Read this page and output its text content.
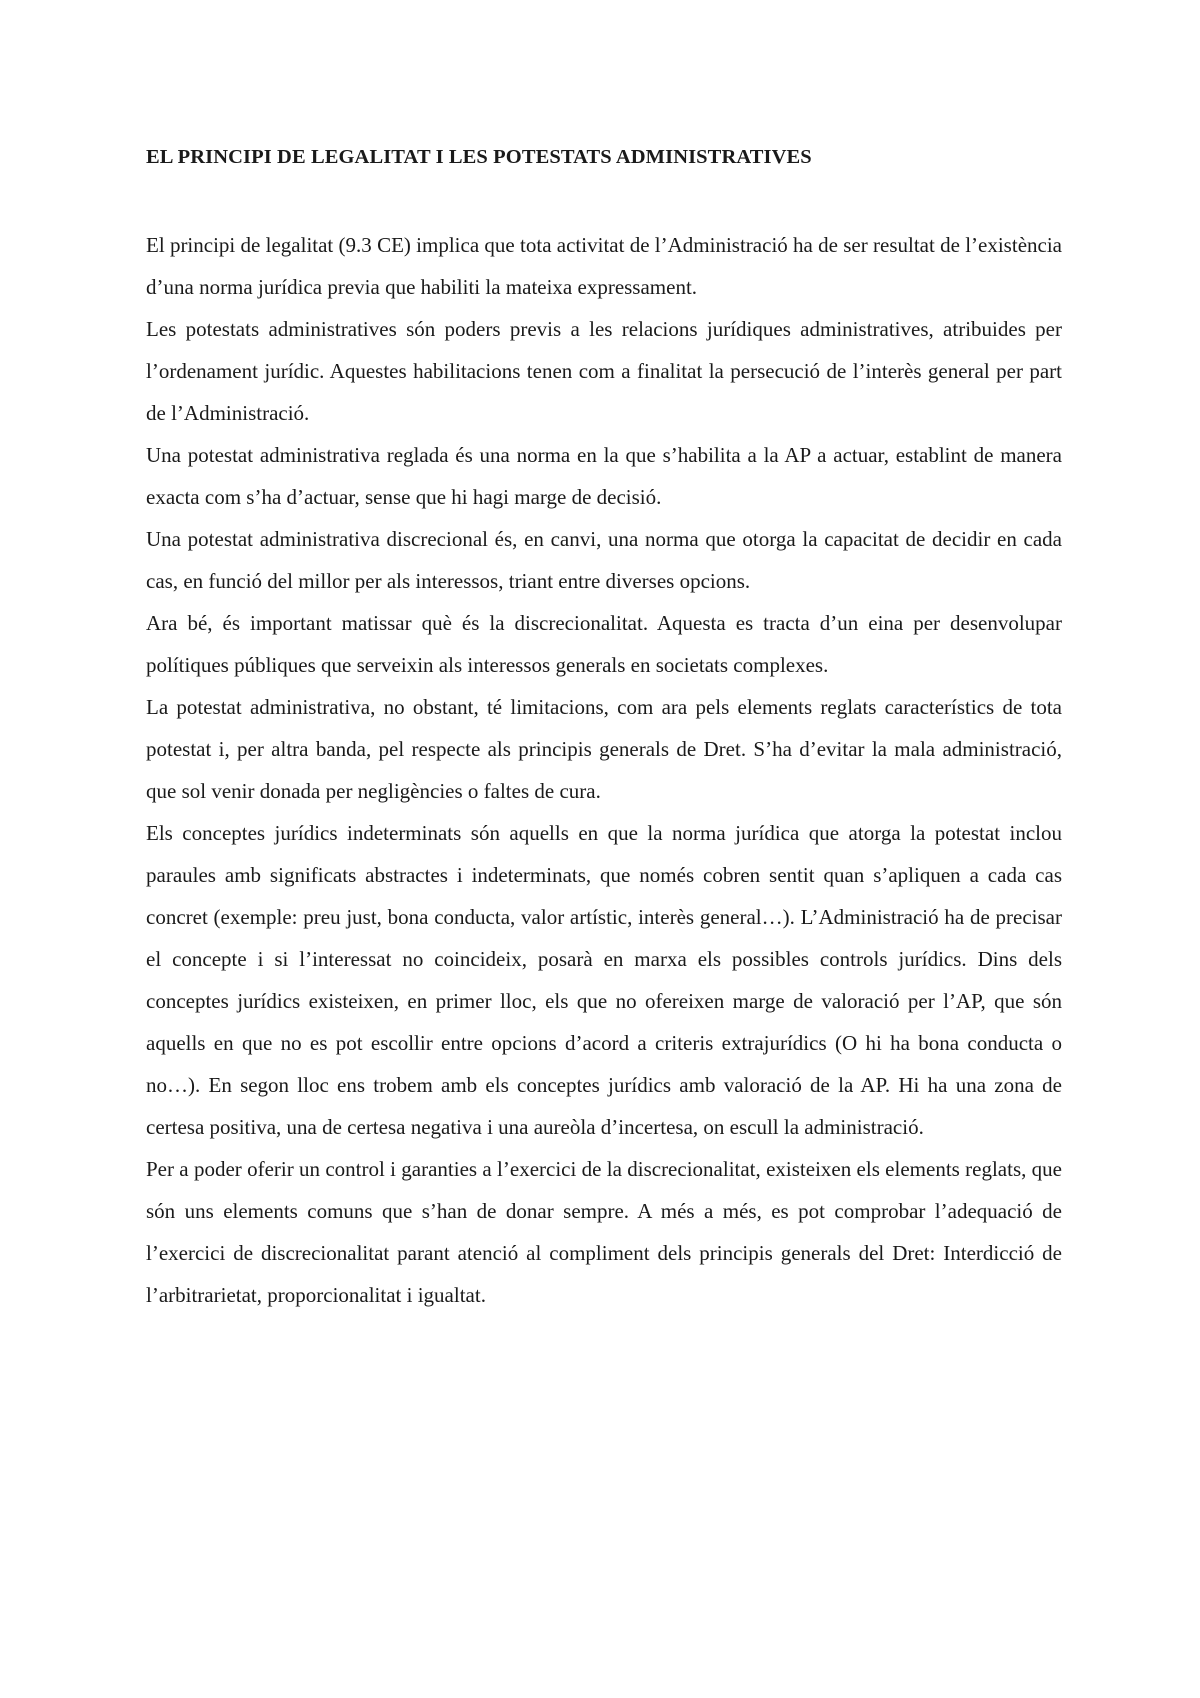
EL PRINCIPI DE LEGALITAT I LES POTESTATS ADMINISTRATIVES

El principi de legalitat (9.3 CE) implica que tota activitat de l’Administració ha de ser resultat de l’existència d’una norma jurídica previa que habiliti la mateixa expressament.

Les potestats administratives són poders previs a les relacions jurídiques administratives, atribuides per l’ordenament jurídic. Aquestes habilitacions tenen com a finalitat la persecució de l’interès general per part de l’Administració.

Una potestat administrativa reglada és una norma en la que s’habilita a la AP a actuar, establint de manera exacta com s’ha d’actuar, sense que hi hagi marge de decisió.

Una potestat administrativa discrecional és, en canvi, una norma que otorga la capacitat de decidir en cada cas, en funció del millor per als interessos, triant entre diverses opcions.

Ara bé, és important matissar què és la discrecionalitat. Aquesta es tracta d’un eina per desenvolupar polítiques públiques que serveixin als interessos generals en societats complexes.

La potestat administrativa, no obstant, té limitacions, com ara pels elements reglats característics de tota potestat i, per altra banda, pel respecte als principis generals de Dret. S’ha d’evitar la mala administració, que sol venir donada per negligències o faltes de cura.

Els conceptes jurídics indeterminats són aquells en que la norma jurídica que atorga la potestat inclou paraules amb significats abstractes i indeterminats, que només cobren sentit quan s’apliquen a cada cas concret (exemple: preu just, bona conducta, valor artístic, interès general…). L’Administració ha de precisar el concepte i si l’interessat no coincideix, posarà en marxa els possibles controls jurídics. Dins dels conceptes jurídics existeixen, en primer lloc, els que no ofereixen marge de valoració per l’AP, que són aquells en que no es pot escollir entre opcions d’acord a criteris extrajurídics (O hi ha bona conducta o no…). En segon lloc ens trobem amb els conceptes jurídics amb valoració de la AP. Hi ha una zona de certesa positiva, una de certesa negativa i una aureòla d’incertesa, on escull la administració.

Per a poder oferir un control i garanties a l’exercici de la discrecionalitat, existeixen els elements reglats, que són uns elements comuns que s’han de donar sempre. A més a més, es pot comprobar l’adequació de l’exercici de discrecionalitat parant atenció al compliment dels principis generals del Dret: Interdicció de l’arbitrarietat, proporcionalitat i igualtat.
